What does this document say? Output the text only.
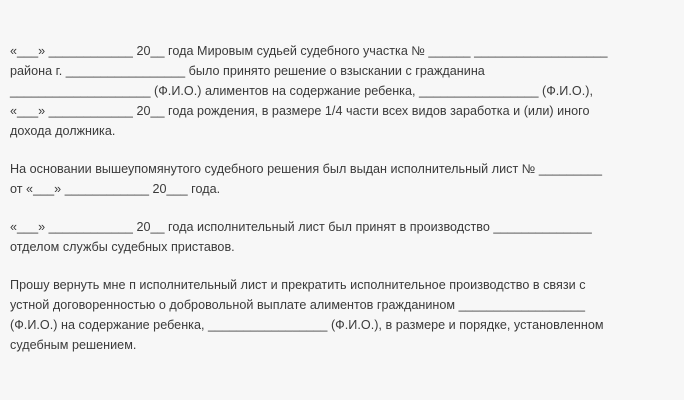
«___» ____________ 20__ года Мировым судьей судебного участка № ______ ___________________
района г. _________________ было принято решение о взыскании с гражданина
____________________ (Ф.И.О.) алиментов на содержание ребенка, _________________ (Ф.И.О.),
«___» ____________ 20__ года рождения, в размере 1/4 части всех видов заработка и (или) иного
дохода должника.
На основании вышеупомянутого судебного решения был выдан исполнительный лист № _________
от «___» ____________ 20___ года.
«___» ____________ 20__ года исполнительный лист был принят в производство ______________
отделом службы судебных приставов.
Прошу вернуть мне п исполнительный лист и прекратить исполнительное производство в связи с
устной договоренностью о добровольной выплате алиментов гражданином __________________
(Ф.И.О.) на содержание ребенка, _________________ (Ф.И.О.), в размере и порядке, установленном
судебным решением.
